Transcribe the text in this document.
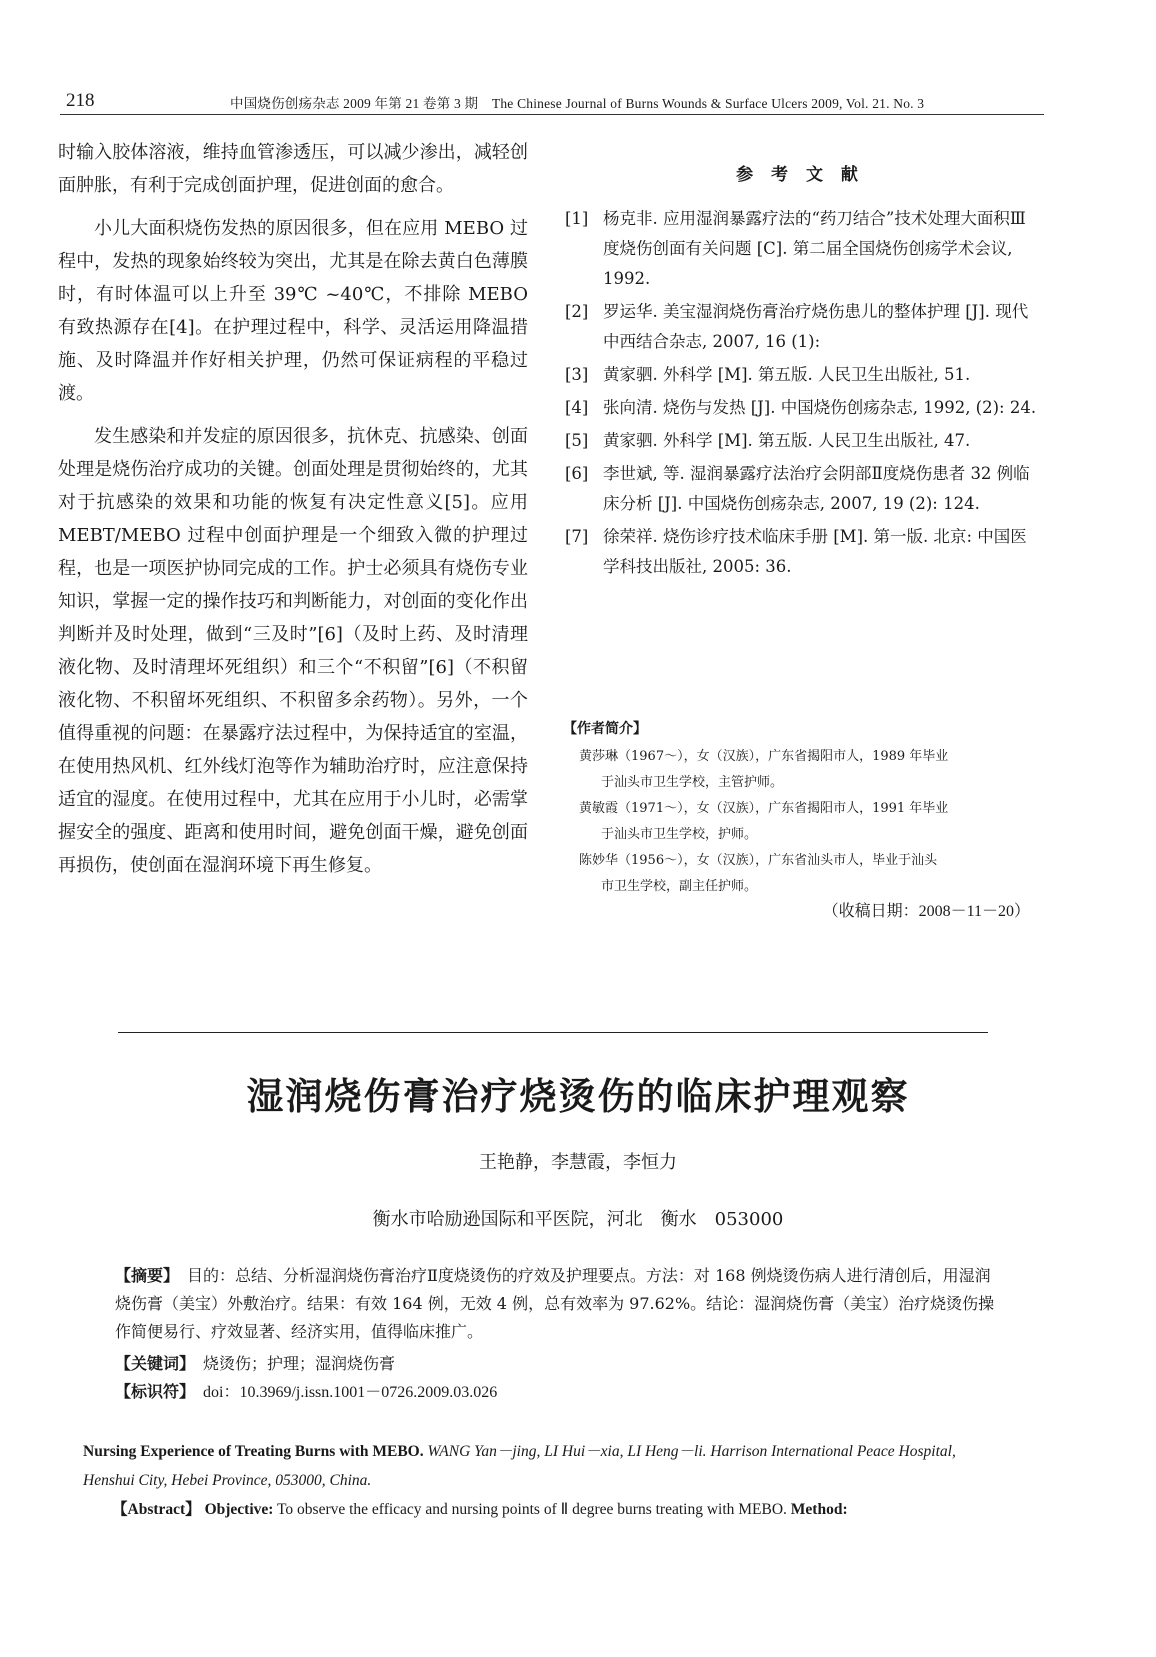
218	中国烧伤创疡杂志 2009 年第 21 卷第 3 期　The Chinese Journal of Burns Wounds & Surface Ulcers 2009, Vol. 21. No. 3

时输入胶体溶液，维持血管渗透压，可以减少渗出，减轻创面肿胀，有利于完成创面护理，促进创面的愈合。

小儿大面积烧伤发热的原因很多，但在应用 MEBO 过程中，发热的现象始终较为突出，尤其是在除去黄白色薄膜时，有时体温可以上升至 39℃ ~40℃，不排除 MEBO 有致热源存在[4]。在护理过程中，科学、灵活运用降温措施、及时降温并作好相关护理，仍然可保证病程的平稳过渡。

发生感染和并发症的原因很多，抗休克、抗感染、创面处理是烧伤治疗成功的关键。创面处理是贯彻始终的，尤其对于抗感染的效果和功能的恢复有决定性意义[5]。应用 MEBT/MEBO 过程中创面护理是一个细致入微的护理过程，也是一项医护协同完成的工作。护士必须具有烧伤专业知识，掌握一定的操作技巧和判断能力，对创面的变化作出判断并及时处理，做到“三及时”[6]（及时上药、及时清理液化物、及时清理坏死组织）和三个“不积留”[6]（不积留液化物、不积留坏死组织、不积留多余药物）。另外，一个值得重视的问题：在暴露疗法过程中，为保持适宜的室温，在使用热风机、红外线灯泡等作为辅助治疗时，应注意保持适宜的湿度。在使用过程中，尤其在应用于小儿时，必需掌握安全的强度、距离和使用时间，避免创面干燥，避免创面再损伤，使创面在湿润环境下再生修复。

参 考 文 献
[1] 杨克非. 应用湿润暴露疗法的“药刀结合”技术处理大面积Ⅲ度烧伤创面有关问题 [C]. 第二届全国烧伤创疡学术会议, 1992.
[2] 罗运华. 美宝湿润烧伤膏治疗烧伤患儿的整体护理 [J]. 现代中西结合杂志, 2007, 16 (1):
[3] 黄家驷. 外科学 [M]. 第五版. 人民卫生出版社, 51.
[4] 张向清. 烧伤与发热 [J]. 中国烧伤创疡杂志, 1992, (2): 24.
[5] 黄家驷. 外科学 [M]. 第五版. 人民卫生出版社, 47.
[6] 李世斌, 等. 湿润暴露疗法治疗会阴部Ⅱ度烧伤患者 32 例临床分析 [J]. 中国烧伤创疡杂志, 2007, 19 (2): 124.
[7] 徐荣祥. 烧伤诊疗技术临床手册 [M]. 第一版. 北京: 中国医学科技出版社, 2005: 36.
【作者简介】

黄莎琳（1967～），女（汉族），广东省揭阳市人，1989 年毕业
于汕头市卫生学校，主管护师。

黄敏霞（1971～），女（汉族），广东省揭阳市人，1991 年毕业
于汕头市卫生学校，护师。

陈妙华（1956～），女（汉族），广东省汕头市人，毕业于汕头
市卫生学校，副主任护师。

（收稿日期：2008－11－20）
湿润烧伤膏治疗烧烫伤的临床护理观察
王艳静，李慧霞，李恒力
衡水市哈励逊国际和平医院，河北　衡水　053000

【摘要】　 目的：总结、分析湿润烧伤膏治疗Ⅱ度烧烫伤的疗效及护理要点。方法：对 168 例烧烫伤病人进行清创后，用湿润烧伤膏（美宝）外敷治疗。结果：有效 164 例，无效 4 例，总有效率为 97.62%。结论：湿润烧伤膏（美宝）治疗烧烫伤操作简便易行、疗效显著、经济实用，值得临床推广。

【关键词】　 烧烫伤；护理；湿润烧伤膏
【标识符】　 doi：10.3969/j.issn.1001－0726.2009.03.026
Nursing Experience of Treating Burns with MEBO. WANG Yan－jing, LI Hui－xia, LI Heng－li. Harrison International Peace Hospital, Henshui City, Hebei Province, 053000, China.
【Abstract】 Objective: To observe the efficacy and nursing points of Ⅱ degree burns treating with MEBO. Method:
